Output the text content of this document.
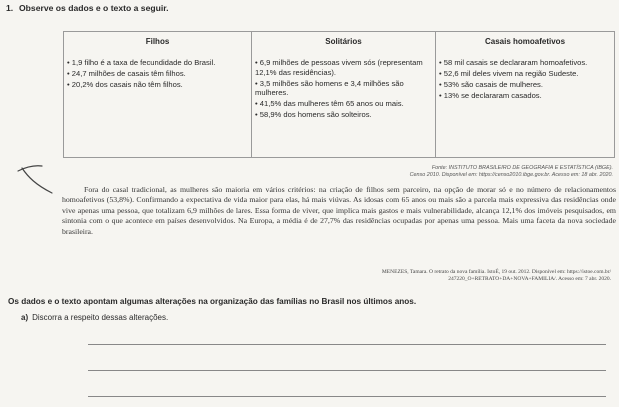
1. Observe os dados e o texto a seguir.
Filhos
• 1,9 filho é a taxa de fecundidade do Brasil.
• 24,7 milhões de casais têm filhos.
• 20,2% dos casais não têm filhos.
Solitários
• 6,9 milhões de pessoas vivem sós (representam 12,1% das residências).
• 3,5 milhões são homens e 3,4 milhões são mulheres.
• 41,5% das mulheres têm 65 anos ou mais.
• 58,9% dos homens são solteiros.
Casais homoafetivos
• 58 mil casais se declararam homoafetivos.
• 52,6 mil deles vivem na região Sudeste.
• 53% são casais de mulheres.
• 13% se declararam casados.
Fonte: INSTITUTO BRASILEIRO DE GEOGRAFIA E ESTATÍSTICA (IBGE).
Censo 2010. Disponível em: https://censo2010.ibge.gov.br. Acesso em: 18 abr. 2020.

Fora do casal tradicional, as mulheres são maioria em vários critérios: na criação de filhos sem parceiro, na opção de morar só e no número de relacionamentos homoafetivos (53,8%). Confirmando a expectativa de vida maior para elas, há mais viúvas. As idosas com 65 anos ou mais são a parcela mais expressiva das residências onde vive apenas uma pessoa, que totalizam 6,9 milhões de lares. Essa forma de viver, que implica mais gastos e mais vulnerabilidade, alcança 12,1% dos imóveis pesquisados, em sintonia com o que acontece em países desenvolvidos. Na Europa, a média é de 27,7% das residências ocupadas por apenas uma pessoa. Mais uma faceta da nova sociedade brasileira.

MENEZES, Tamara. O retrato da nova família. IstoÉ, 19 out. 2012. Disponível em: https://istoe.com.br/
247220_O+RETRATO+DA+NOVA+FAMILIA/. Acesso em: 7 abr. 2020.
Os dados e o texto apontam algumas alterações na organização das famílias no Brasil nos últimos anos.
a) Discorra a respeito dessas alterações.
